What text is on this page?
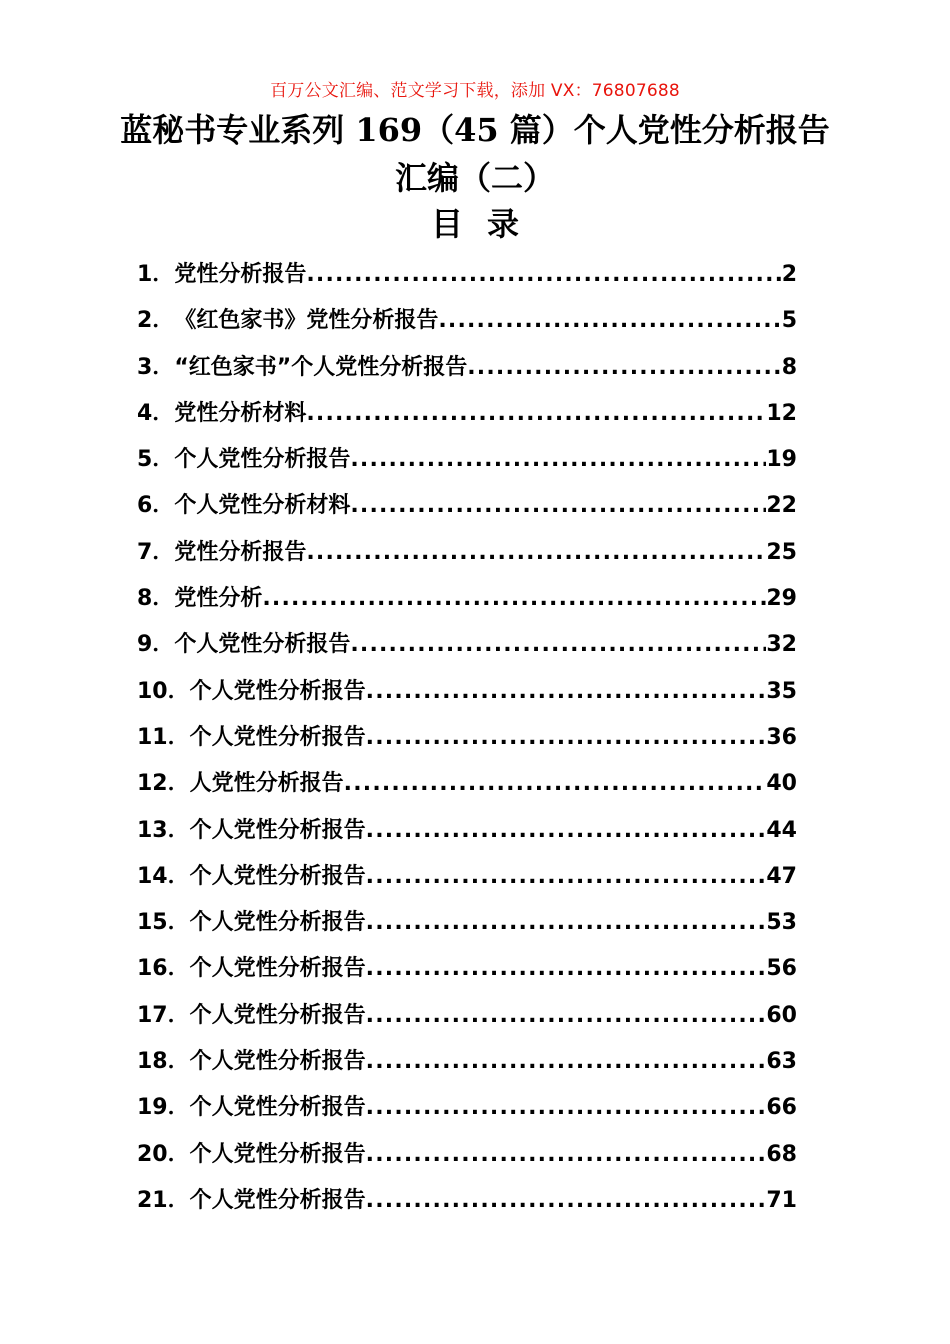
百万公文汇编、范文学习下载，添加 VX：76807688
蓝秘书专业系列 169（45 篇）个人党性分析报告
汇编（二）
目录
1． 党性分析报告 .....	2
2． 《红色家书》党性分析报告 .....	5
3． “红色家书”个人党性分析报告 .....	8
4． 党性分析材料 .....	12
5． 个人党性分析报告 .....	19
6． 个人党性分析材料 .....	22
7． 党性分析报告 .....	25
8． 党性分析 .....	29
9． 个人党性分析报告 .....	32
10． 个人党性分析报告 .....	35
11． 个人党性分析报告 .....	36
12． 人党性分析报告 .....	40
13． 个人党性分析报告 .....	44
14． 个人党性分析报告 .....	47
15． 个人党性分析报告 .....	53
16． 个人党性分析报告 .....	56
17． 个人党性分析报告 .....	60
18． 个人党性分析报告 .....	63
19． 个人党性分析报告 .....	66
20． 个人党性分析报告 .....	68
21． 个人党性分析报告 .....	71
